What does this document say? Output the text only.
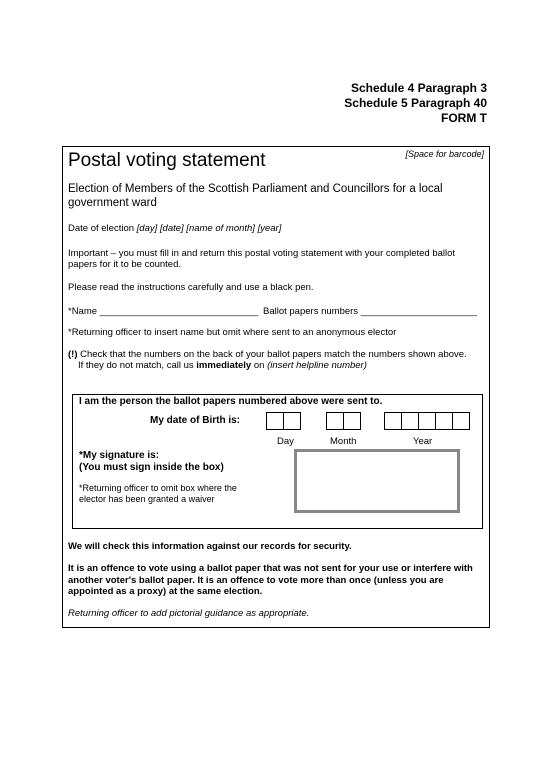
Schedule 4 Paragraph 3
Schedule 5 Paragraph 40
FORM T
Postal voting statement	[Space for barcode]
Election of Members of the Scottish Parliament and Councillors for a local government ward
Date of election [day] [date] [name of month] [year]
Important – you must fill in and return this postal voting statement with your completed ballot papers for it to be counted.
Please read the instructions carefully and use a black pen.
*Name ______________________________ Ballot papers numbers ______________________
*Returning officer to insert name but omit where sent to an anonymous elector
(!) Check that the numbers on the back of your ballot papers match the numbers shown above.
If they do not match, call us immediately on (insert helpline number)
I am the person the ballot papers numbered above were sent to.
My date of Birth is:
Day	Month	Year
*My signature is:
(You must sign inside the box)
*Returning officer to omit box where the elector has been granted a waiver
We will check this information against our records for security.
It is an offence to vote using a ballot paper that was not sent for your use or interfere with another voter's ballot paper. It is an offence to vote more than once (unless you are appointed as a proxy) at the same election.
Returning officer to add pictorial guidance as appropriate.
